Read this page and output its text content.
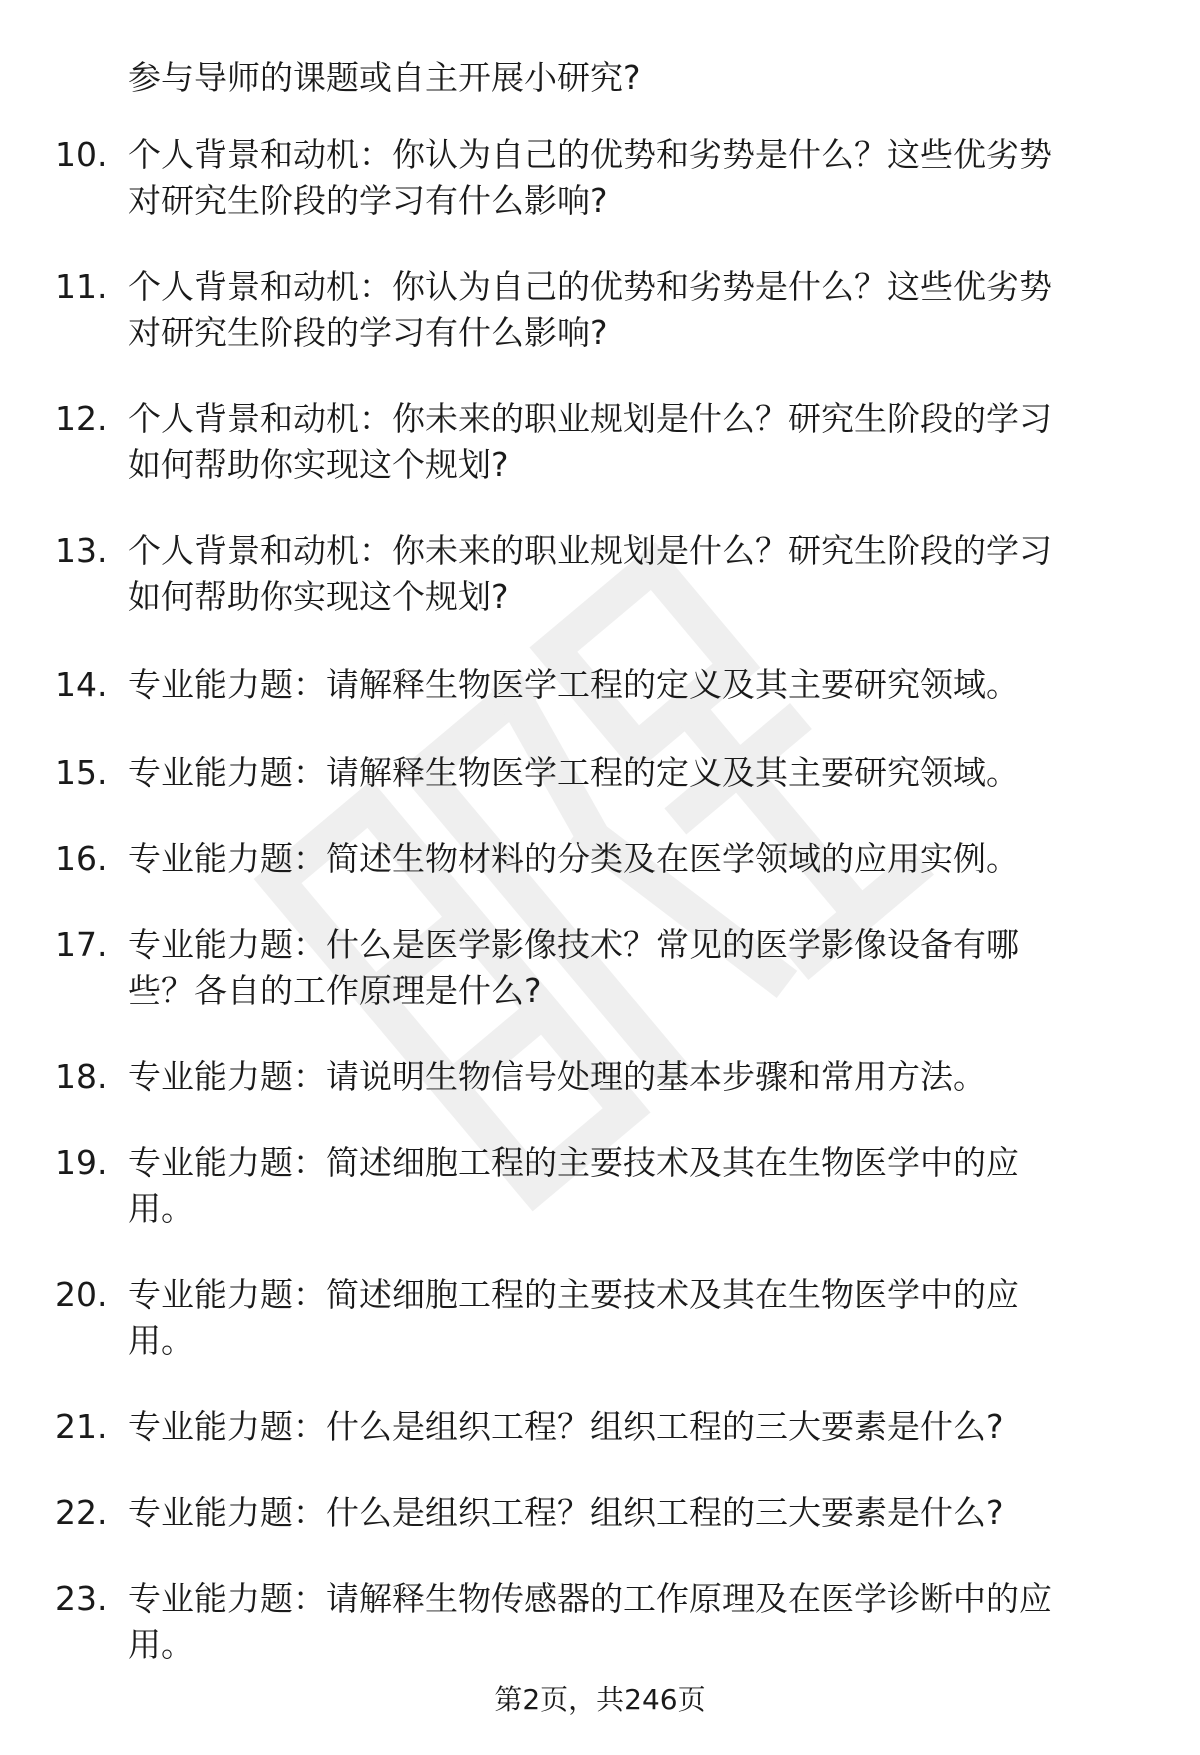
参与导师的课题或自主开展小研究?
10. 个人背景和动机：你认为自己的优势和劣势是什么？这些优劣势
对研究生阶段的学习有什么影响?
11. 个人背景和动机：你认为自己的优势和劣势是什么？这些优劣势
对研究生阶段的学习有什么影响?
12. 个人背景和动机：你未来的职业规划是什么？研究生阶段的学习
如何帮助你实现这个规划?
13. 个人背景和动机：你未来的职业规划是什么？研究生阶段的学习
如何帮助你实现这个规划?
14. 专业能力题：请解释生物医学工程的定义及其主要研究领域。
15. 专业能力题：请解释生物医学工程的定义及其主要研究领域。
16. 专业能力题：简述生物材料的分类及在医学领域的应用实例。
17. 专业能力题：什么是医学影像技术？常见的医学影像设备有哪
些？各自的工作原理是什么?
18. 专业能力题：请说明生物信号处理的基本步骤和常用方法。
19. 专业能力题：简述细胞工程的主要技术及其在生物医学中的应
用。
20. 专业能力题：简述细胞工程的主要技术及其在生物医学中的应
用。
21. 专业能力题：什么是组织工程？组织工程的三大要素是什么?
22. 专业能力题：什么是组织工程？组织工程的三大要素是什么?
23. 专业能力题：请解释生物传感器的工作原理及在医学诊断中的应
用。
第2页，共246页
